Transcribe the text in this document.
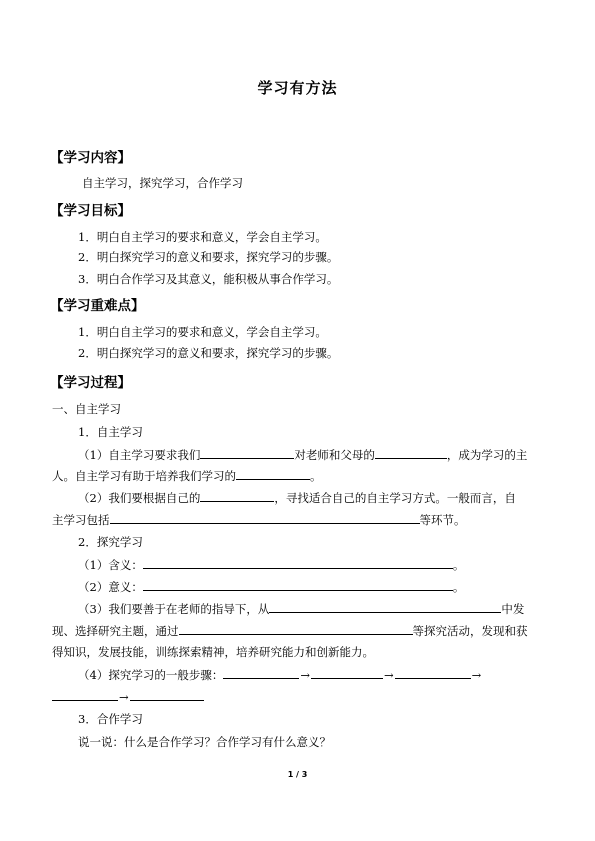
学习有方法
【学习内容】
自主学习，探究学习，合作学习
【学习目标】
1．明白自主学习的要求和意义，学会自主学习。
2．明白探究学习的意义和要求，探究学习的步骤。
3．明白合作学习及其意义，能积极从事合作学习。
【学习重难点】
1．明白自主学习的要求和意义，学会自主学习。
2．明白探究学习的意义和要求，探究学习的步骤。
【学习过程】
一、自主学习
1．自主学习
（1）自主学习要求我们	对老师和父母的	，成为学习的主
人。自主学习有助于培养我们学习的	。
（2）我们要根据自己的	，寻找适合自己的自主学习方式。一般而言，自
主学习包括	等环节。
2．探究学习
（1）含义：	。
（2）意义：	。
（3）我们要善于在老师的指导下，从	中发
现、选择研究主题，通过	等探究活动，发现和获
得知识，发展技能，训练探索精神，培养研究能力和创新能力。
（4）探究学习的一般步骤：	→	→	→
→
3．合作学习
说一说：什么是合作学习？合作学习有什么意义？
1 / 3
